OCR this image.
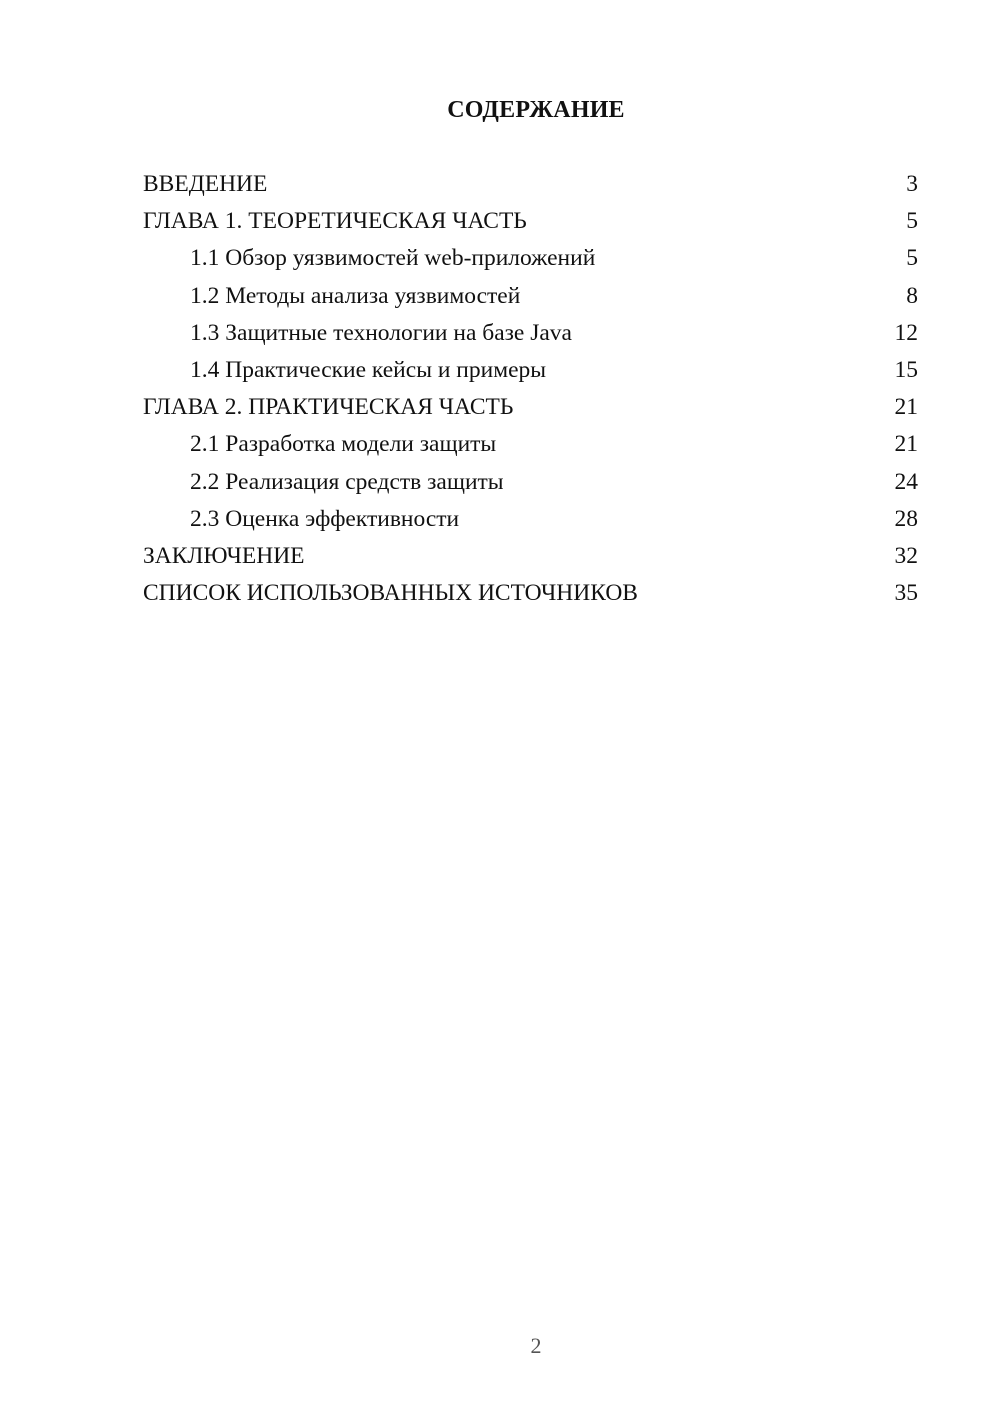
СОДЕРЖАНИЕ
ВВЕДЕНИЕ	3
ГЛАВА 1. ТЕОРЕТИЧЕСКАЯ ЧАСТЬ	5
1.1 Обзор уязвимостей web-приложений	5
1.2 Методы анализа уязвимостей	8
1.3 Защитные технологии на базе Java	12
1.4 Практические кейсы и примеры	15
ГЛАВА 2. ПРАКТИЧЕСКАЯ ЧАСТЬ	21
2.1 Разработка модели защиты	21
2.2 Реализация средств защиты	24
2.3 Оценка эффективности	28
ЗАКЛЮЧЕНИЕ	32
СПИСОК ИСПОЛЬЗОВАННЫХ ИСТОЧНИКОВ	35
2
